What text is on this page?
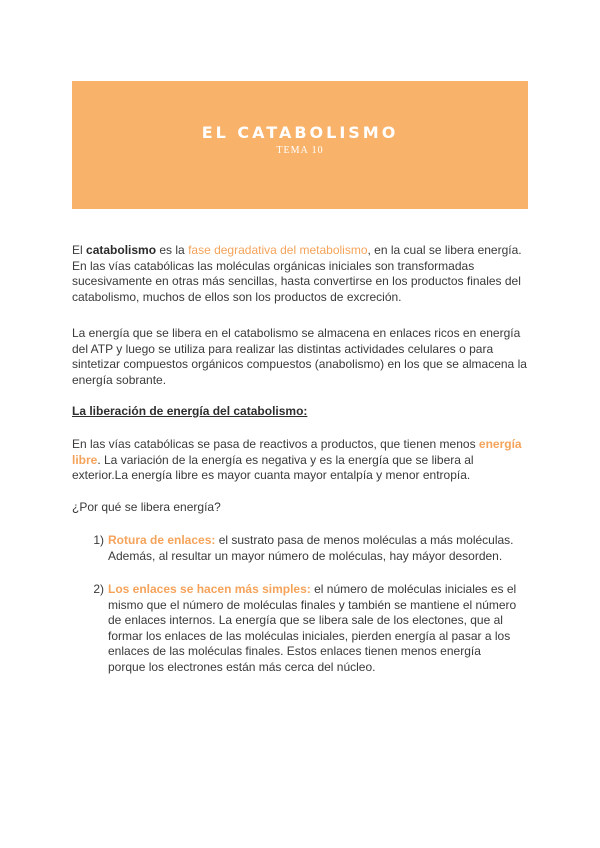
EL CATABOLISMO
TEMA 10
El catabolismo es la fase degradativa del metabolismo, en la cual se libera energía. En las vías catabólicas las moléculas orgánicas iniciales son transformadas sucesivamente en otras más sencillas, hasta convertirse en los productos finales del catabolismo, muchos de ellos son los productos de excreción.
La energía que se libera en el catabolismo se almacena en enlaces ricos en energía del ATP y luego se utiliza para realizar las distintas actividades celulares o para sintetizar compuestos orgánicos compuestos (anabolismo) en los que se almacena la energía sobrante.
La liberación de energía del catabolismo:
En las vías catabólicas se pasa de reactivos a productos, que tienen menos energía libre. La variación de la energía es negativa y es la energía que se libera al exterior.La energía libre es mayor cuanta mayor entalpía y menor entropía.
¿Por qué se libera energía?
1) Rotura de enlaces: el sustrato pasa de menos moléculas a más moléculas. Además, al resultar un mayor número de moléculas, hay máyor desorden.
2) Los enlaces se hacen más simples: el número de moléculas iniciales es el mismo que el número de moléculas finales y también se mantiene el número de enlaces internos. La energía que se libera sale de los electones, que al formar los enlaces de las moléculas iniciales, pierden energía al pasar a los enlaces de las moléculas finales. Estos enlaces tienen menos energía porque los electrones están más cerca del núcleo.
